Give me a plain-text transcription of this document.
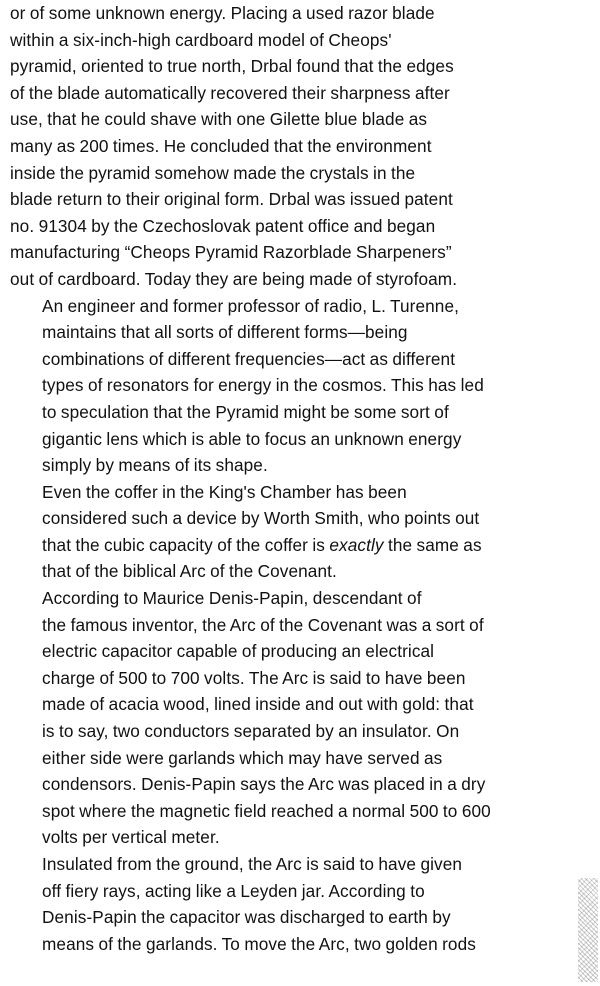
or of some unknown energy. Placing a used razor blade
within a six-inch-high cardboard model of Cheops'
pyramid, oriented to true north, Drbal found that the edges
of the blade automatically recovered their sharpness after
use, that he could shave with one Gilette blue blade as
many as 200 times. He concluded that the environment
inside the pyramid somehow made the crystals in the
blade return to their original form. Drbal was issued patent
no. 91304 by the Czechoslovak patent office and began
manufacturing “Cheops Pyramid Razorblade Sharpeners”
out of cardboard. Today they are being made of styrofoam.

An engineer and former professor of radio, L. Turenne,
maintains that all sorts of different forms—being
combinations of different frequencies—act as different
types of resonators for energy in the cosmos. This has led
to speculation that the Pyramid might be some sort of
gigantic lens which is able to focus an unknown energy
simply by means of its shape.

Even the coffer in the King's Chamber has been
considered such a device by Worth Smith, who points out
that the cubic capacity of the coffer is exactly the same as
that of the biblical Arc of the Covenant.

According to Maurice Denis-Papin, descendant of
the famous inventor, the Arc of the Covenant was a sort of
electric capacitor capable of producing an electrical
charge of 500 to 700 volts. The Arc is said to have been
made of acacia wood, lined inside and out with gold: that
is to say, two conductors separated by an insulator. On
either side were garlands which may have served as
condensors. Denis-Papin says the Arc was placed in a dry
spot where the magnetic field reached a normal 500 to 600
volts per vertical meter.

Insulated from the ground, the Arc is said to have given
off fiery rays, acting like a Leyden jar. According to
Denis-Papin the capacitor was discharged to earth by
means of the garlands. To move the Arc, two golden rods
